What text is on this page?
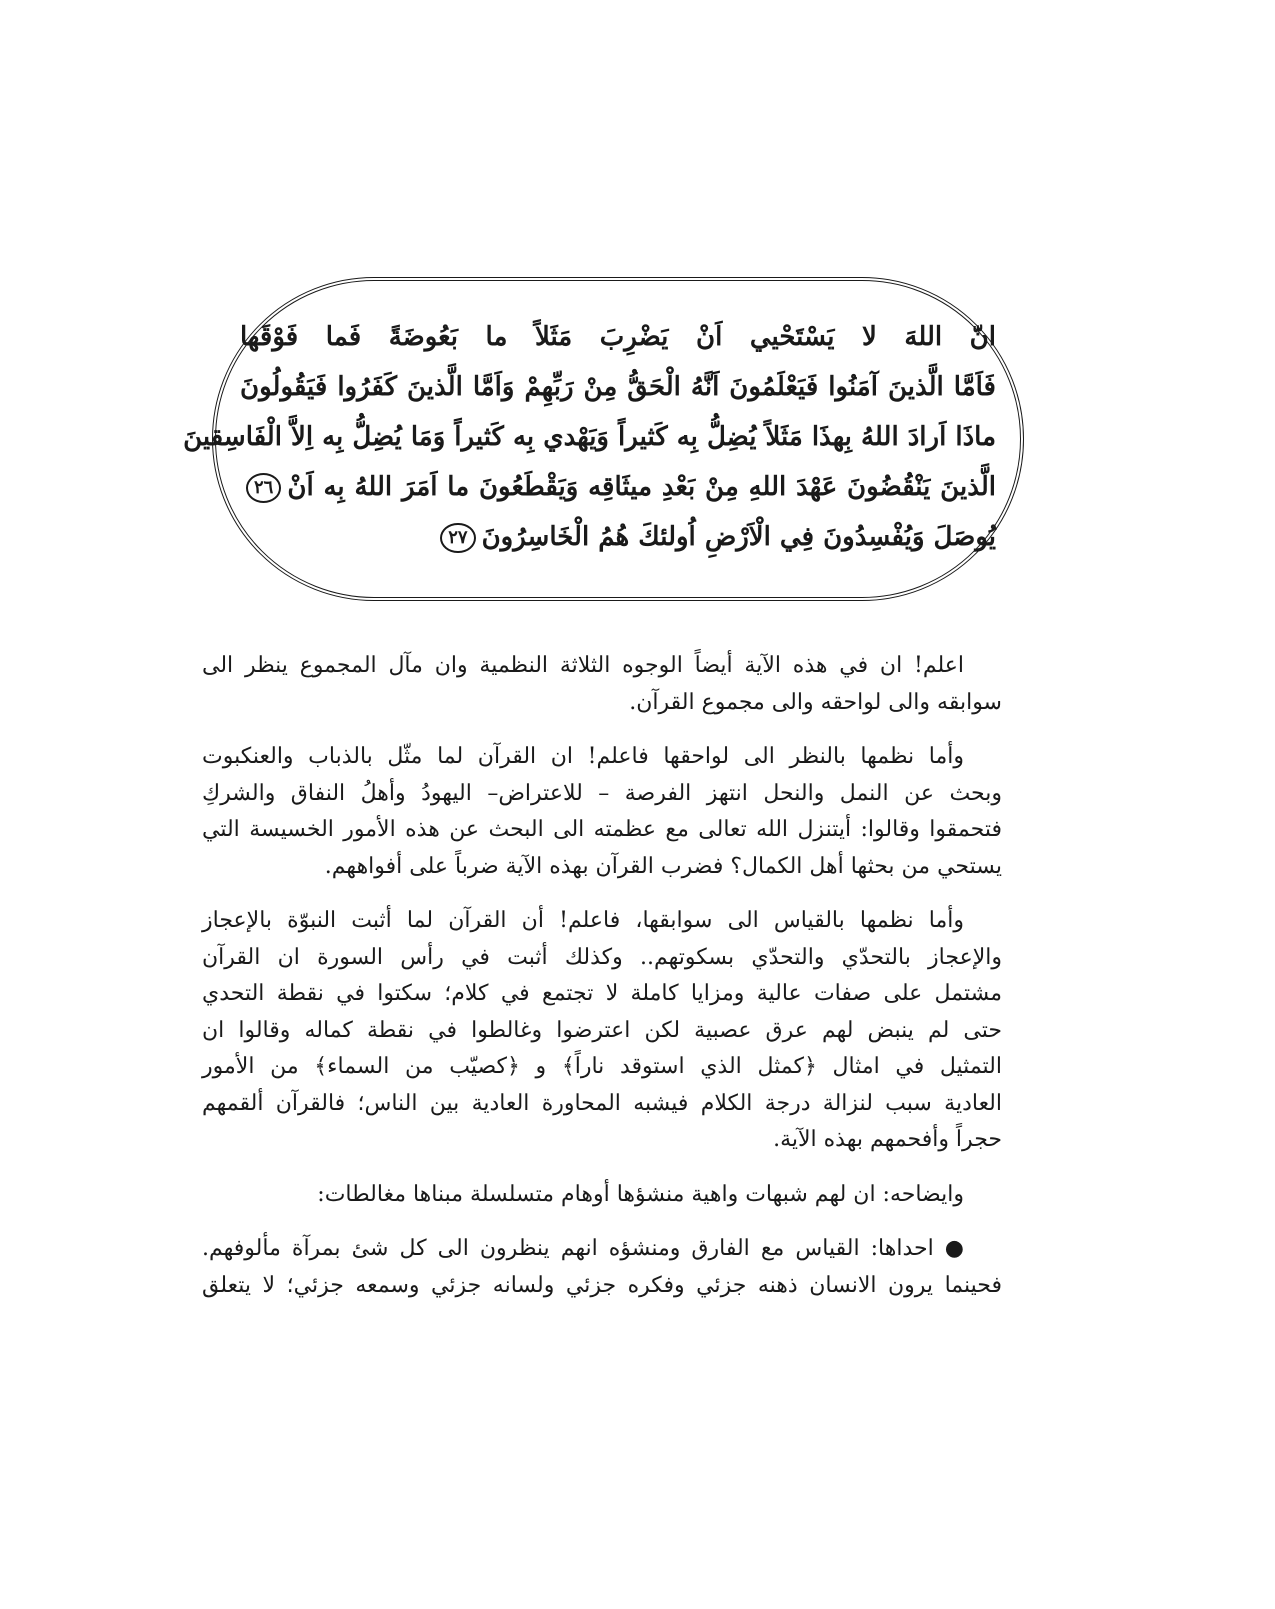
انّ اللهَ لا يَسْتَحْيي اَنْ يَضْرِبَ مَثَلاً ما بَعُوضَةً فَما فَوْقَها
فَاَمَّا الَّذينَ آمَنُوا فَيَعْلَمُونَ اَنَّهُ الْحَقُّ مِنْ رَبِّهِمْ وَاَمَّا الَّذينَ كَفَرُوا فَيَقُولُونَ
ماذَا اَرادَ اللهُ بِهذَا مَثَلاً يُضِلُّ بِه كَثيراً وَيَهْدي بِه كَثيراً وَمَا يُضِلُّ بِه اِلاَّ الْفَاسِقينَ
الَّذينَ يَنْقُضُونَ عَهْدَ اللهِ مِنْ بَعْدِ ميثَاقِه وَيَقْطَعُونَ ما اَمَرَ اللهُ بِه اَنْ٢٦
يُوصَلَ وَيُفْسِدُونَ فِي الْاَرْضِ اُولئكَ هُمُ الْخَاسِرُونَ٢٧
اعلم! ان في هذه الآية أيضاً الوجوه الثلاثة النظمية وان مآل المجموع ينظر الى
سوابقه والى لواحقه والى مجموع القرآن.
وأما نظمها بالنظر الى لواحقها فاعلم! ان القرآن لما مثّل بالذباب والعنكبوت
وبحث عن النمل والنحل انتهز الفرصة – للاعتراض– اليهودُ وأهلُ النفاق والشركِ
فتحمقوا وقالوا: أيتنزل الله تعالى مع عظمته الى البحث عن هذه الأمور الخسيسة التي
يستحي من بحثها أهل الكمال؟ فضرب القرآن بهذه الآية ضرباً على أفواههم.
وأما نظمها بالقياس الى سوابقها، فاعلم! أن القرآن لما أثبت النبوّة بالإعجاز
والإعجاز بالتحدّي والتحدّي بسكوتهم.. وكذلك أثبت في رأس السورة ان القرآن
مشتمل على صفات عالية ومزايا كاملة لا تجتمع في كلام؛ سكتوا في نقطة التحدي
حتى لم ينبض لهم عرق عصبية لكن اعترضوا وغالطوا في نقطة كماله وقالوا ان
التمثيل في امثال ﴿كمثل الذي استوقد ناراً﴾ و ﴿كصيّب من السماء﴾ من الأمور
العادية سبب لنزالة درجة الكلام فيشبه المحاورة العادية بين الناس؛ فالقرآن ألقمهم
حجراً وأفحمهم بهذه الآية.
وايضاحه: ان لهم شبهات واهية منشؤها أوهام متسلسلة مبناها مغالطات:
● احداها: القياس مع الفارق ومنشؤه انهم ينظرون الى كل شئ بمرآة مألوفهم.
فحينما يرون الانسان ذهنه جزئي وفكره جزئي ولسانه جزئي وسمعه جزئي؛ لا يتعلق
